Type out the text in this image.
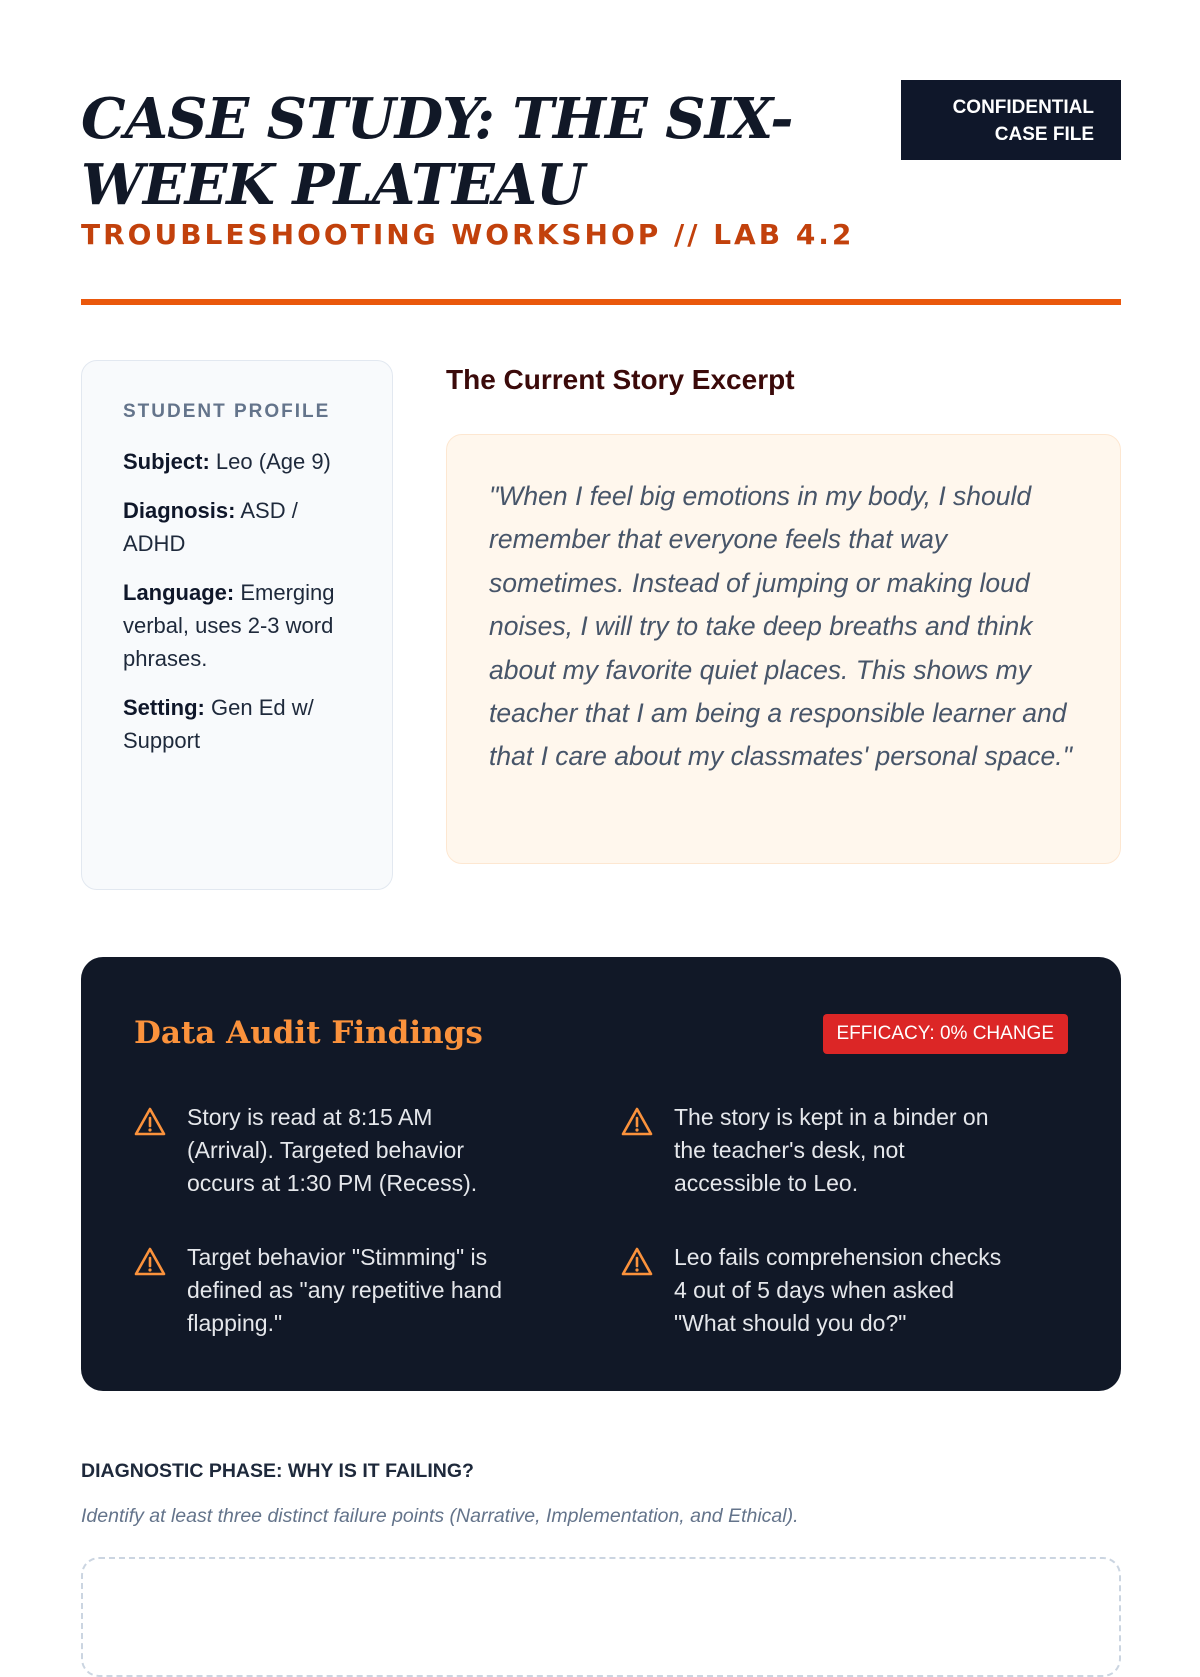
CASE STUDY: THE SIX-WEEK PLATEAU
TROUBLESHOOTING WORKSHOP // LAB 4.2
CONFIDENTIAL
CASE FILE
STUDENT PROFILE
Subject: Leo (Age 9)
Diagnosis: ASD / ADHD
Language: Emerging verbal, uses 2-3 word phrases.
Setting: Gen Ed w/ Support
The Current Story Excerpt

"When I feel big emotions in my body, I should remember that everyone feels that way sometimes. Instead of jumping or making loud noises, I will try to take deep breaths and think about my favorite quiet places. This shows my teacher that I am being a responsible learner and that I care about my classmates' personal space."

Data Audit Findings	EFFICACY: 0% CHANGE
Story is read at 8:15 AM (Arrival). Targeted behavior occurs at 1:30 PM (Recess).
The story is kept in a binder on the teacher's desk, not accessible to Leo.
Target behavior "Stimming" is defined as "any repetitive hand flapping."
Leo fails comprehension checks 4 out of 5 days when asked "What should you do?"
DIAGNOSTIC PHASE: WHY IS IT FAILING?

Identify at least three distinct failure points (Narrative, Implementation, and Ethical).
